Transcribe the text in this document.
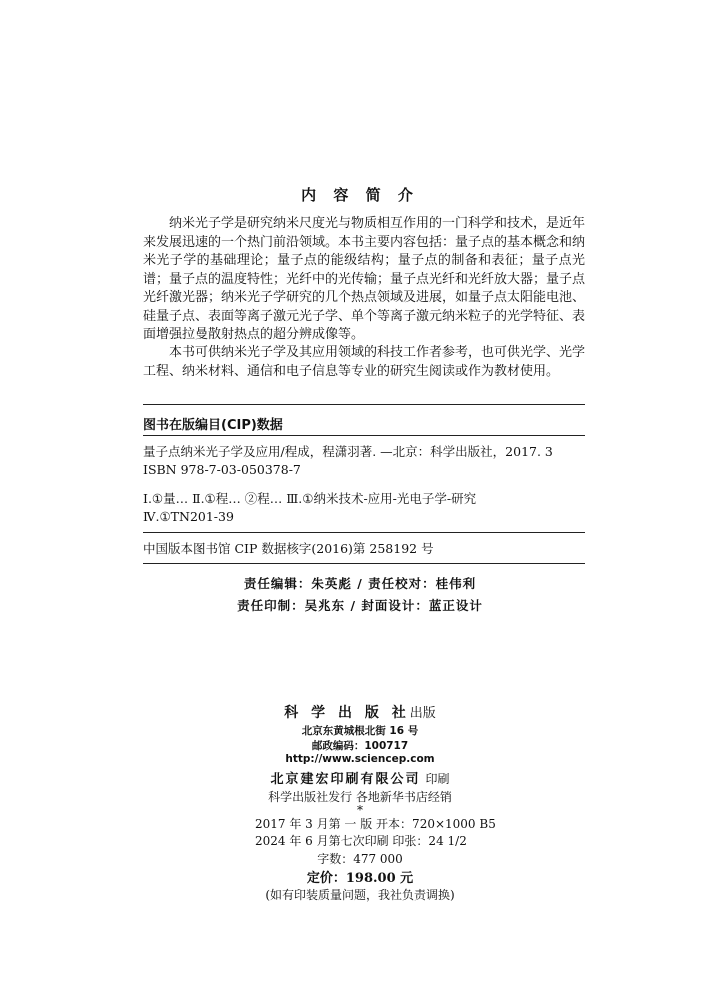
内 容 简 介

纳米光子学是研究纳米尺度光与物质相互作用的一门科学和技术，是近年来发展迅速的一个热门前沿领域。本书主要内容包括：量子点的基本概念和纳米光子学的基础理论；量子点的能级结构；量子点的制备和表征；量子点光谱；量子点的温度特性；光纤中的光传输；量子点光纤和光纤放大器；量子点光纤激光器；纳米光子学研究的几个热点领域及进展，如量子点太阳能电池、硅量子点、表面等离子激元光子学、单个等离子激元纳米粒子的光学特征、表面增强拉曼散射热点的超分辨成像等。

本书可供纳米光子学及其应用领域的科技工作者参考，也可供光学、光学工程、纳米材料、通信和电子信息等专业的研究生阅读或作为教材使用。

图书在版编目(CIP)数据
量子点纳米光子学及应用/程成，程潇羽著. —北京：科学出版社，2017. 3
ISBN 978-7-03-050378-7
Ⅰ.①量… Ⅱ.①程… ②程… Ⅲ.①纳米技术-应用-光电子学-研究
Ⅳ.①TN201-39
中国版本图书馆 CIP 数据核字(2016)第 258192 号
责任编辑：朱英彪 / 责任校对：桂伟利
责任印制：吴兆东 / 封面设计：蓝正设计
科 学 出 版 社出版
北京东黄城根北街 16 号
邮政编码：100717
http://www.sciencep.com
北京建宏印刷有限公司 印刷
科学出版社发行 各地新华书店经销
*
2017 年 3 月第 一 版 开本：720×1000 B5
2024 年 6 月第七次印刷 印张：24 1/2
字数：477 000
定价：198.00 元
(如有印装质量问题，我社负责调换)
